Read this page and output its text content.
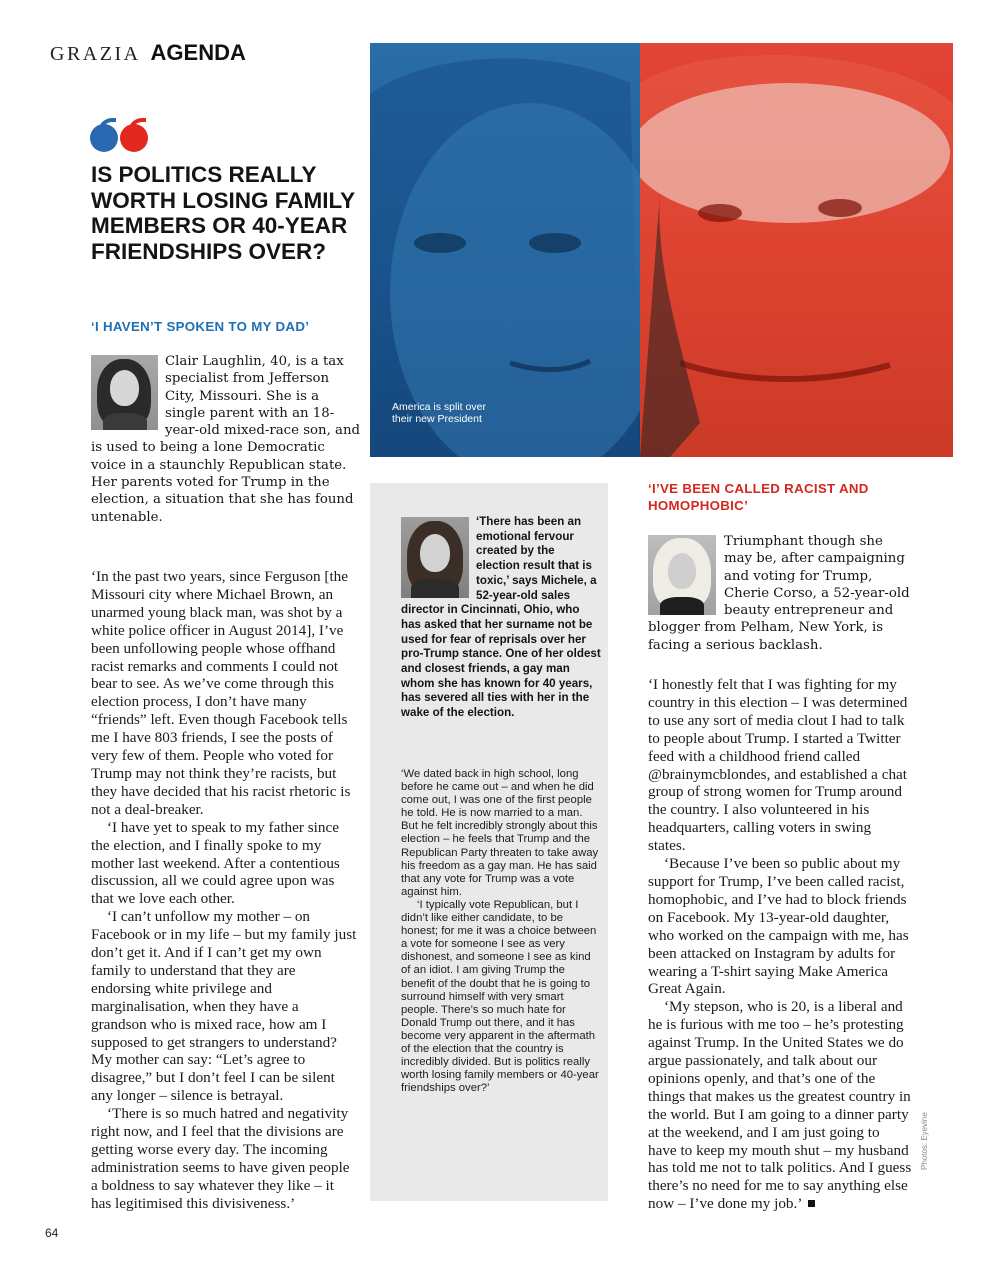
GRAZIA AGENDA
IS POLITICS REALLY WORTH LOSING FAMILY MEMBERS OR 40-YEAR FRIENDSHIPS OVER?
‘I HAVEN’T SPOKEN TO MY DAD’
Clair Laughlin, 40, is a tax specialist from Jefferson City, Missouri. She is a single parent with an 18-year-old mixed-race son, and is used to being a lone Democratic voice in a staunchly Republican state. Her parents voted for Trump in the election, a situation that she has found untenable.

‘In the past two years, since Ferguson [the Missouri city where Michael Brown, an unarmed young black man, was shot by a white police officer in August 2014], I’ve been unfollowing people whose offhand racist remarks and comments I could not bear to see. As we’ve come through this election process, I don’t have many “friends” left. Even though Facebook tells me I have 803 friends, I see the posts of very few of them. People who voted for Trump may not think they’re racists, but they have decided that his racist rhetoric is not a deal-breaker.

‘I have yet to speak to my father since the election, and I finally spoke to my mother last weekend. After a contentious discussion, all we could agree upon was that we love each other.

‘I can’t unfollow my mother – on Facebook or in my life – but my family just don’t get it. And if I can’t get my own family to understand that they are endorsing white privilege and marginalisation, when they have a grandson who is mixed race, how am I supposed to get strangers to understand? My mother can say: “Let’s agree to disagree,” but I don’t feel I can be silent any longer – silence is betrayal.

‘There is so much hatred and negativity right now, and I feel that the divisions are getting worse every day. The incoming administration seems to have given people a boldness to say whatever they like – it has legitimised this divisiveness.’

America is split over their new President
‘There has been an emotional fervour created by the election result that is toxic,’ says Michele, a 52-year-old sales director in Cincinnati, Ohio, who has asked that her surname not be used for fear of reprisals over her pro-Trump stance. One of her oldest and closest friends, a gay man whom she has known for 40 years, has severed all ties with her in the wake of the election.

‘We dated back in high school, long before he came out – and when he did come out, I was one of the first people he told. He is now married to a man. But he felt incredibly strongly about this election – he feels that Trump and the Republican Party threaten to take away his freedom as a gay man. He has said that any vote for Trump was a vote against him.

‘I typically vote Republican, but I didn’t like either candidate, to be honest; for me it was a choice between a vote for someone I see as very dishonest, and someone I see as kind of an idiot. I am giving Trump the benefit of the doubt that he is going to surround himself with very smart people. There’s so much hate for Donald Trump out there, and it has become very apparent in the aftermath of the election that the country is incredibly divided. But is politics really worth losing family members or 40-year friendships over?’

‘I’VE BEEN CALLED RACIST AND HOMOPHOBIC’
Triumphant though she may be, after campaigning and voting for Trump, Cherie Corso, a 52-year-old beauty entrepreneur and blogger from Pelham, New York, is facing a serious backlash.

‘I honestly felt that I was fighting for my country in this election – I was determined to use any sort of media clout I had to talk to people about Trump. I started a Twitter feed with a childhood friend called @brainymcblondes, and established a chat group of strong women for Trump around the country. I also volunteered in his headquarters, calling voters in swing states.

‘Because I’ve been so public about my support for Trump, I’ve been called racist, homophobic, and I’ve had to block friends on Facebook. My 13-year-old daughter, who worked on the campaign with me, has been attacked on Instagram by adults for wearing a T-shirt saying Make America Great Again.

‘My stepson, who is 20, is a liberal and he is furious with me too – he’s protesting against Trump. In the United States we do argue passionately, and talk about our opinions openly, and that’s one of the things that makes us the greatest country in the world. But I am going to a dinner party at the weekend, and I am just going to have to keep my mouth shut – my husband has told me not to talk politics. And I guess there’s no need for me to say anything else now – I’ve done my job.’

Photos: Eyevine
64
